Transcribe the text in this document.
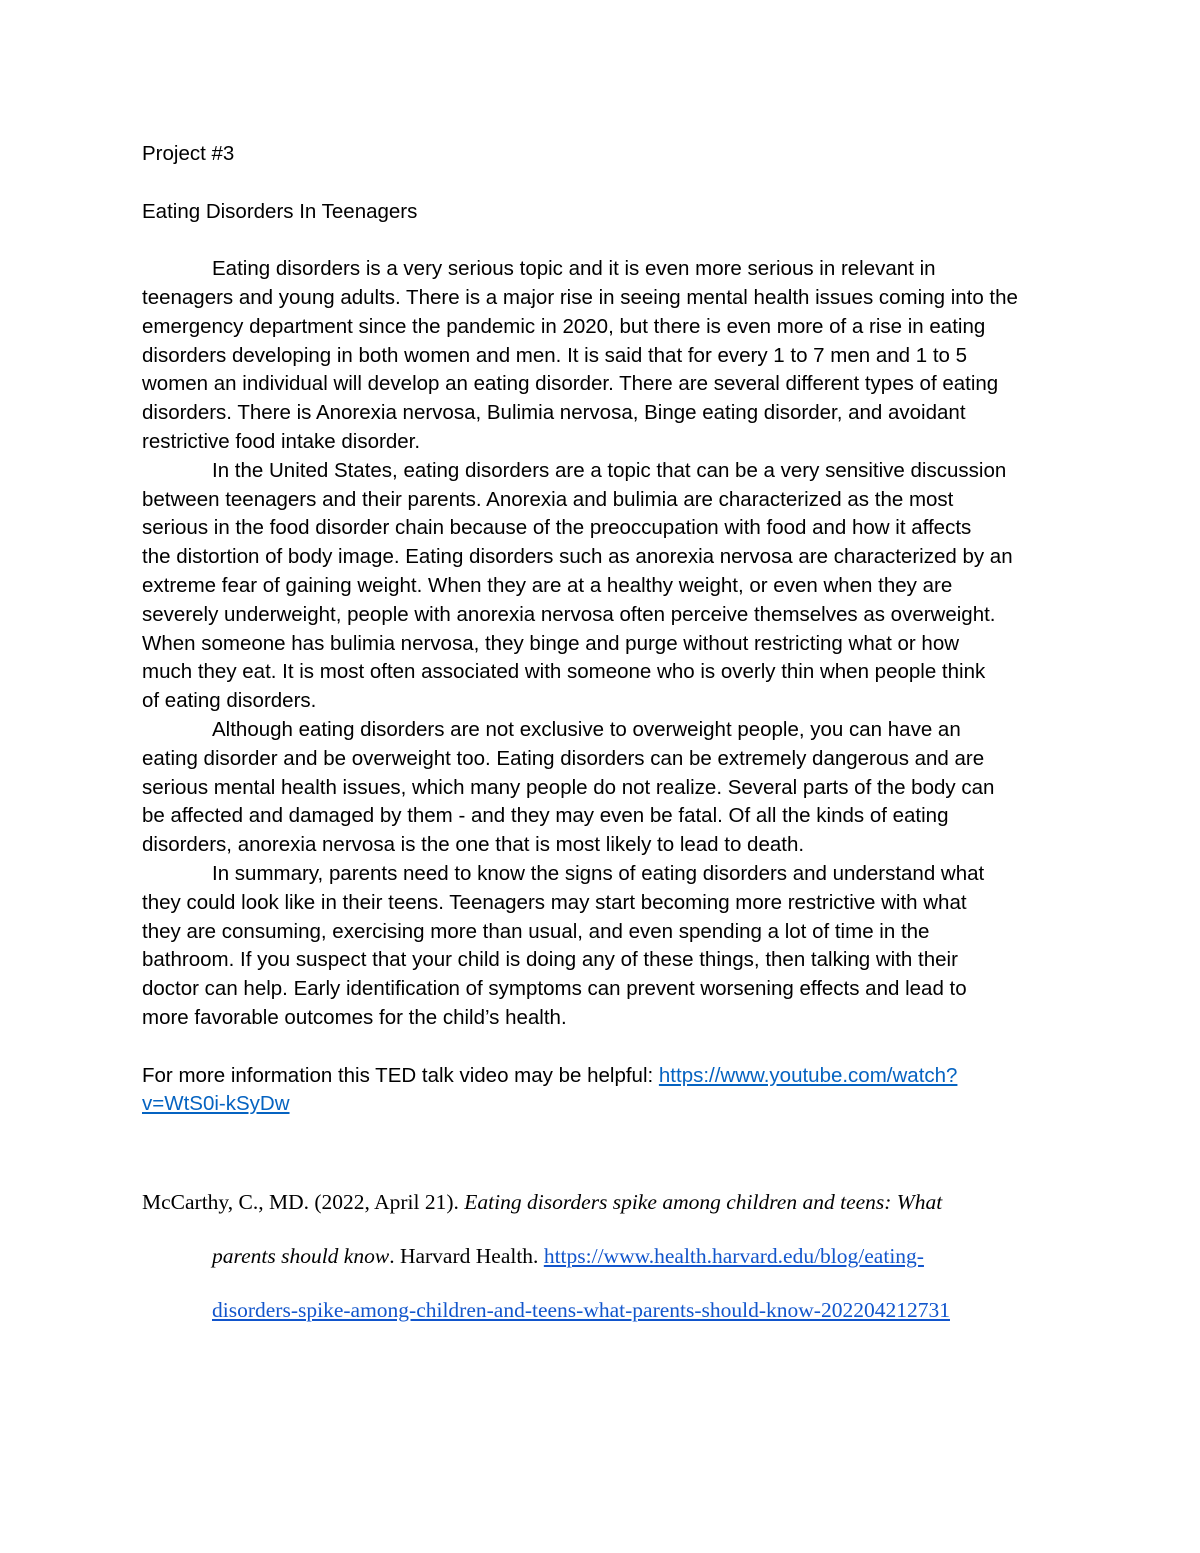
Project #3

Eating Disorders In Teenagers

Eating disorders is a very serious topic and it is even more serious in relevant in

teenagers and young adults. There is a major rise in seeing mental health issues coming into the

emergency department since the pandemic in 2020, but there is even more of a rise in eating

disorders developing in both women and men. It is said that for every 1 to 7 men and 1 to 5

women an individual will develop an eating disorder. There are several different types of eating

disorders. There is Anorexia nervosa, Bulimia nervosa, Binge eating disorder, and avoidant

restrictive food intake disorder.

In the United States, eating disorders are a topic that can be a very sensitive discussion

between teenagers and their parents. Anorexia and bulimia are characterized as the most

serious in the food disorder chain because of the preoccupation with food and how it affects

the distortion of body image. Eating disorders such as anorexia nervosa are characterized by an

extreme fear of gaining weight. When they are at a healthy weight, or even when they are

severely underweight, people with anorexia nervosa often perceive themselves as overweight.

When someone has bulimia nervosa, they binge and purge without restricting what or how

much they eat. It is most often associated with someone who is overly thin when people think

of eating disorders.

Although eating disorders are not exclusive to overweight people, you can have an

eating disorder and be overweight too. Eating disorders can be extremely dangerous and are

serious mental health issues, which many people do not realize. Several parts of the body can

be affected and damaged by them - and they may even be fatal. Of all the kinds of eating

disorders, anorexia nervosa is the one that is most likely to lead to death.

In summary, parents need to know the signs of eating disorders and understand what

they could look like in their teens. Teenagers may start becoming more restrictive with what

they are consuming, exercising more than usual, and even spending a lot of time in the

bathroom. If you suspect that your child is doing any of these things, then talking with their

doctor can help. Early identification of symptoms can prevent worsening effects and lead to

more favorable outcomes for the child’s health.

For more information this TED talk video may be helpful: https://www.youtube.com/watch?

v=WtS0i-kSyDw

McCarthy, C., MD. (2022, April 21). Eating disorders spike among children and teens: What

parents should know. Harvard Health. https://www.health.harvard.edu/blog/eating-

disorders-spike-among-children-and-teens-what-parents-should-know-202204212731
